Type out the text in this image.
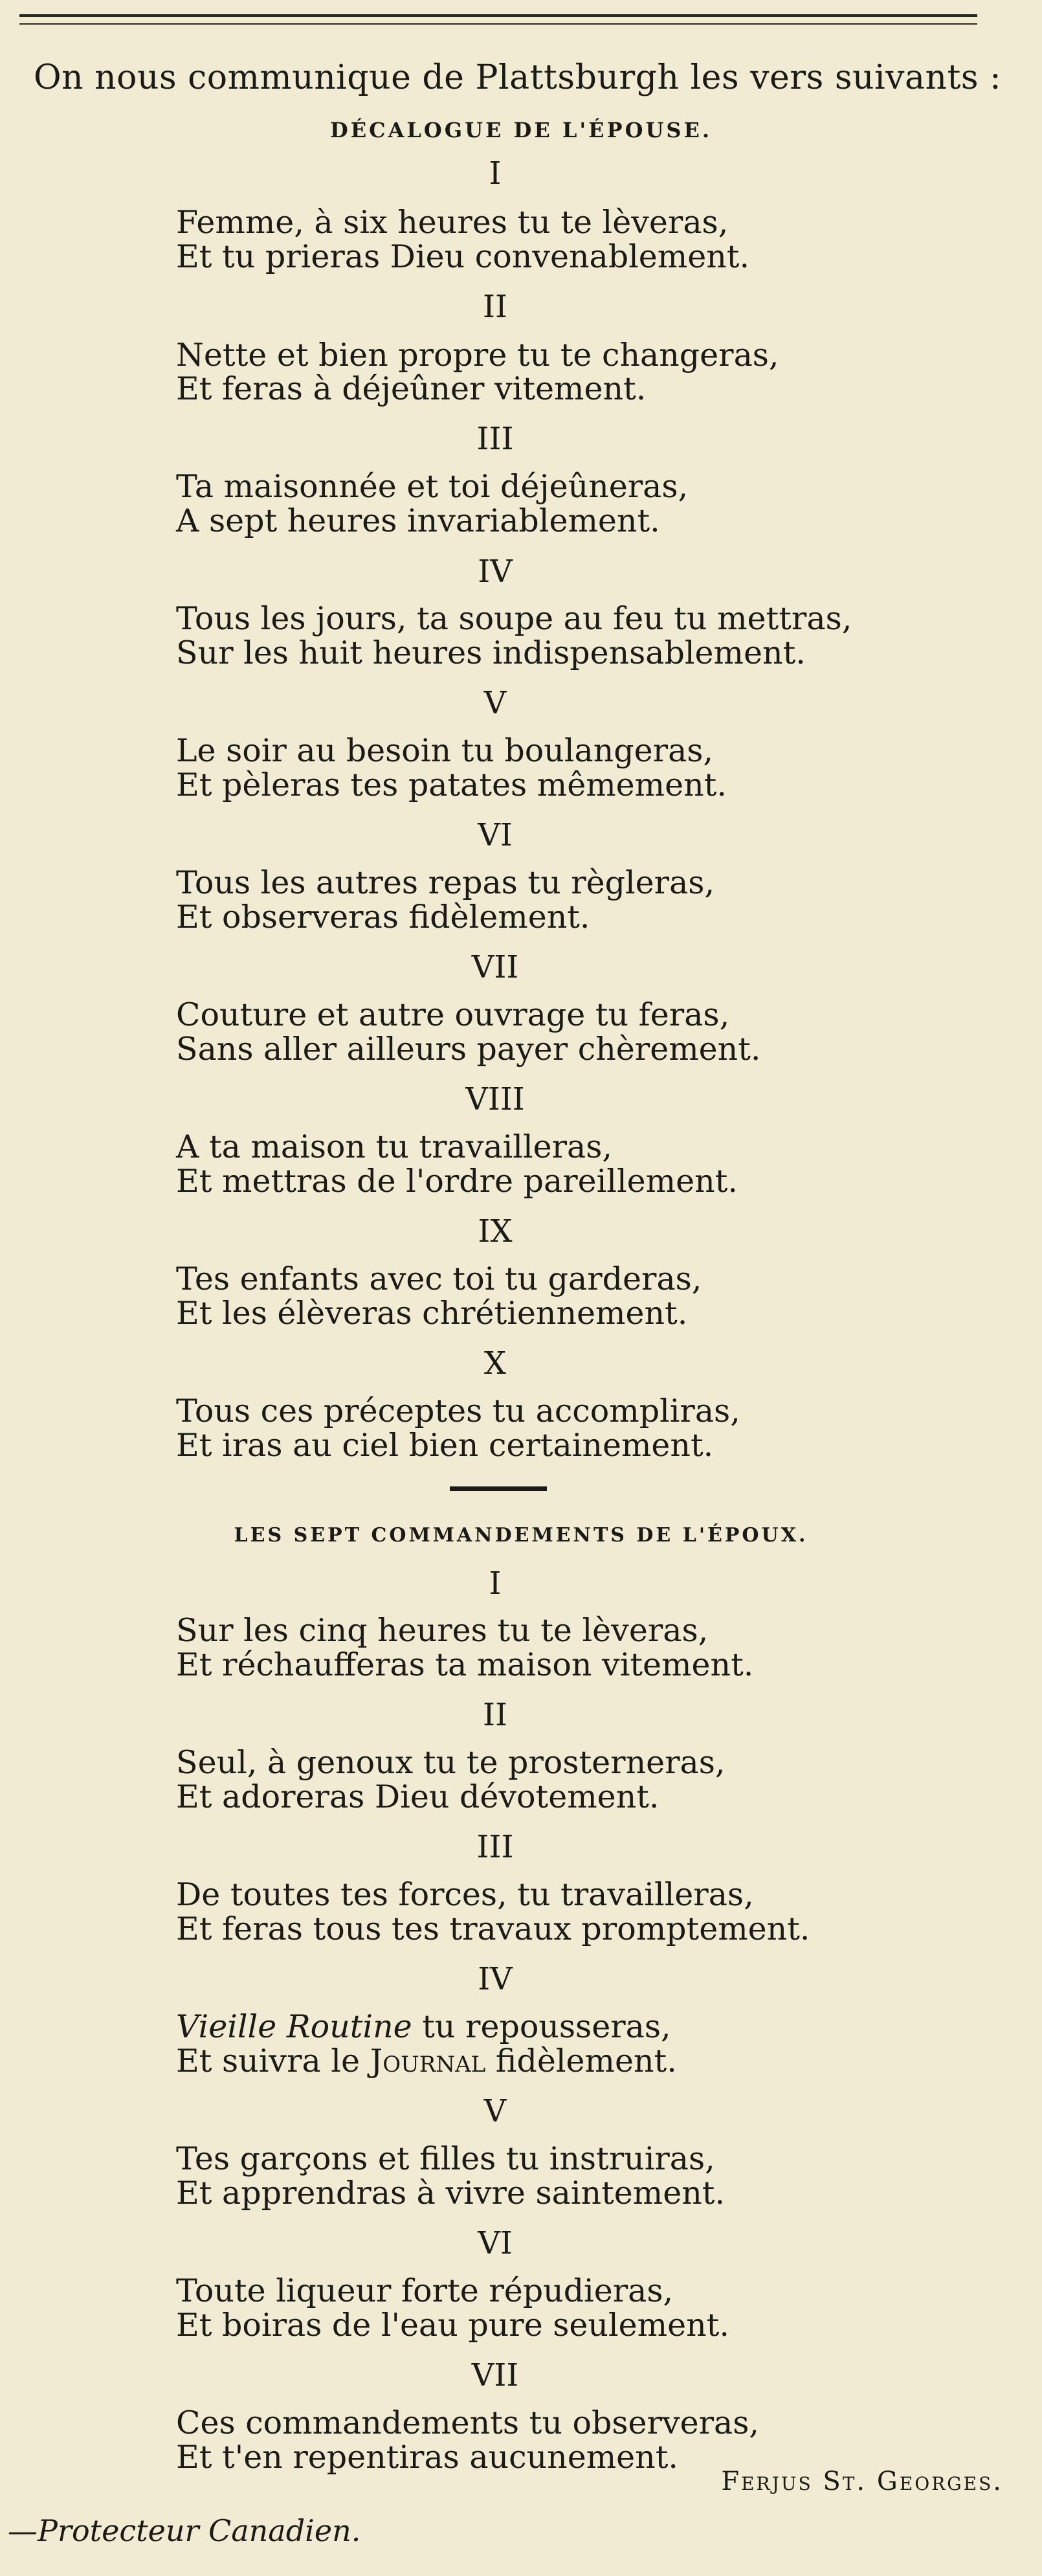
On nous communique de Plattsburgh les vers suivants :
DÉCALOGUE DE L'ÉPOUSE.
I
Femme, à six heures tu te lèveras,
Et tu prieras Dieu convenablement.
II
Nette et bien propre tu te changeras,
Et feras à déjeûner vitement.
III
Ta maisonnée et toi déjeûneras,
A sept heures invariablement.
IV
Tous les jours, ta soupe au feu tu mettras,
Sur les huit heures indispensablement.
V
Le soir au besoin tu boulangeras,
Et pèleras tes patates mêmement.
VI
Tous les autres repas tu règleras,
Et observeras fidèlement.
VII
Couture et autre ouvrage tu feras,
Sans aller ailleurs payer chèrement.
VIII
A ta maison tu travailleras,
Et mettras de l'ordre pareillement.
IX
Tes enfants avec toi tu garderas,
Et les élèveras chrétiennement.
X
Tous ces préceptes tu accompliras,
Et iras au ciel bien certainement.
LES SEPT COMMANDEMENTS DE L'ÉPOUX.
I
Sur les cinq heures tu te lèveras,
Et réchaufferas ta maison vitement.
II
Seul, à genoux tu te prosterneras,
Et adoreras Dieu dévotement.
III
De toutes tes forces, tu travailleras,
Et feras tous tes travaux promptement.
IV
Vieille Routine tu repousseras,
Et suivra le Journal fidèlement.
V
Tes garçons et filles tu instruiras,
Et apprendras à vivre saintement.
VI
Toute liqueur forte répudieras,
Et boiras de l'eau pure seulement.
VII
Ces commandements tu observeras,
Et t'en repentiras aucunement.
Ferjus St. Georges.
—Protecteur Canadien.
